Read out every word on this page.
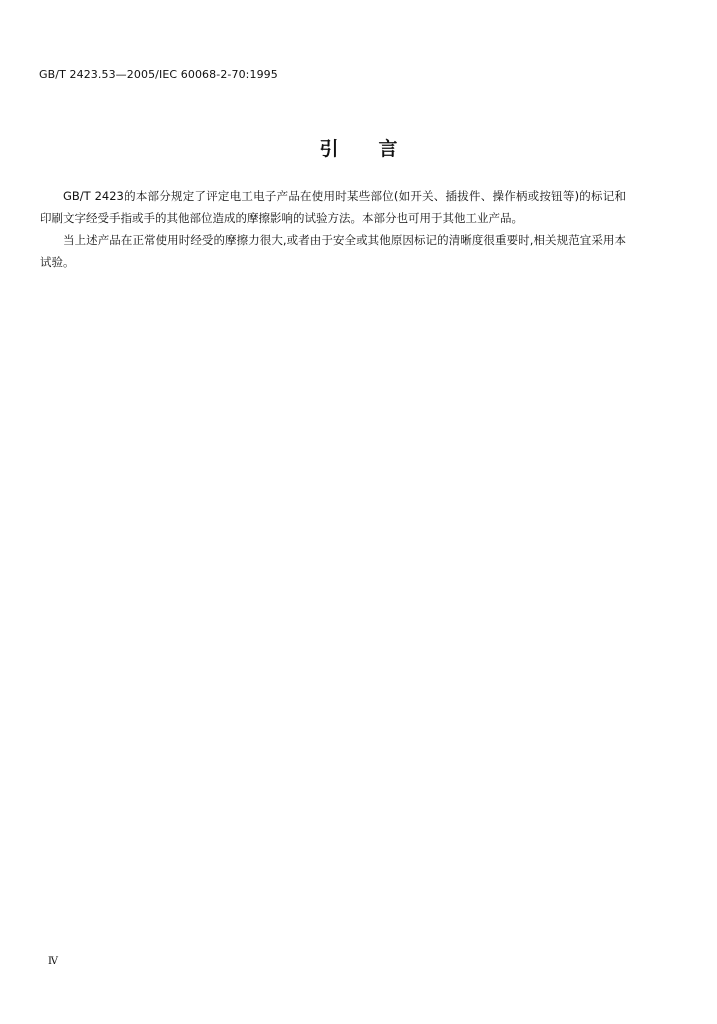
GB/T 2423.53—2005/IEC 60068-2-70:1995
引言

GB/T 2423的本部分规定了评定电工电子产品在使用时某些部位(如开关、插拔件、操作柄或按钮等)的标记和印刷文字经受手指或手的其他部位造成的摩擦影响的试验方法。本部分也可用于其他工业产品。

当上述产品在正常使用时经受的摩擦力很大,或者由于安全或其他原因标记的清晰度很重要时,相关规范宜采用本试验。

Ⅳ
